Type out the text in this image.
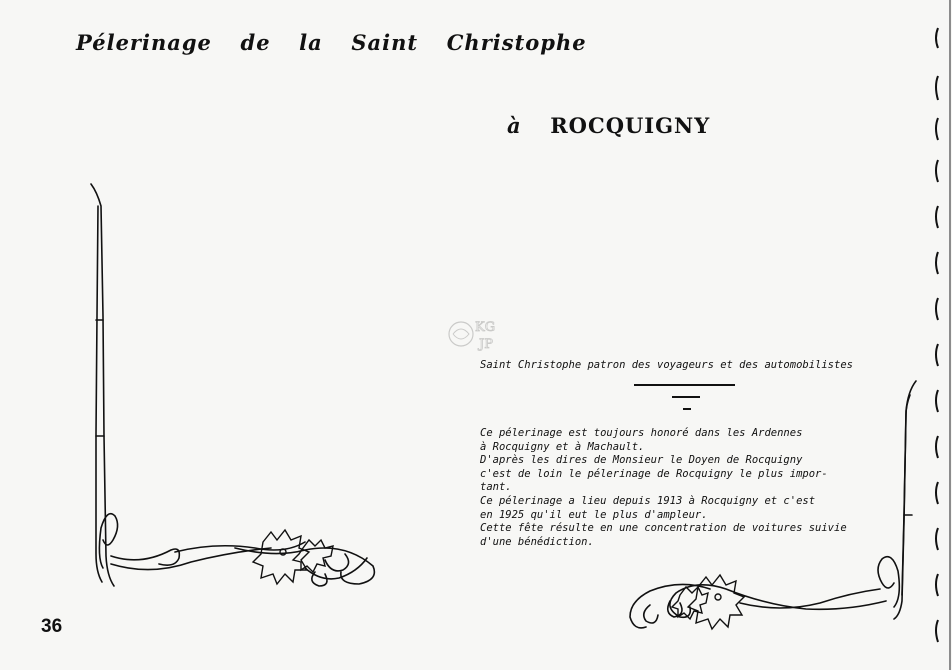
Pélerinage  de  la  Saint  Christophe
à ROCQUIGNY
KG
JP
Saint Christophe patron des voyageurs et des automobilistes
Ce pélerinage est toujours honoré dans les Ardennes
à Rocquigny et à Machault.
D'après les dires de Monsieur le Doyen de Rocquigny
c'est de loin le pélerinage de Rocquigny le plus impor-
tant.
Ce pélerinage a lieu depuis 1913 à Rocquigny et c'est
en 1925 qu'il eut le plus d'ampleur.
Cette fête résulte en une concentration de voitures suivie
d'une bénédiction.
36
